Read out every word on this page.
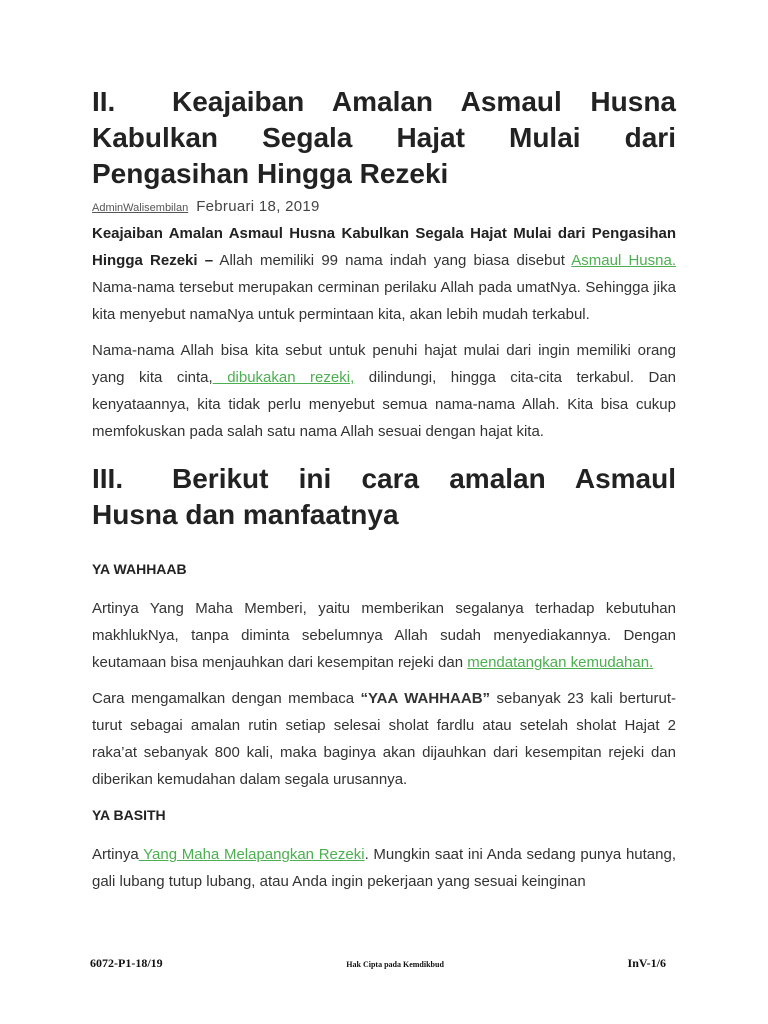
II. Keajaiban Amalan Asmaul Husna Kabulkan Segala Hajat Mulai dari Pengasihan Hingga Rezeki
AdminWalisembilan Februari 18, 2019

Keajaiban Amalan Asmaul Husna Kabulkan Segala Hajat Mulai dari Pengasihan Hingga Rezeki – Allah memiliki 99 nama indah yang biasa disebut Asmaul Husna. Nama-nama tersebut merupakan cerminan perilaku Allah pada umatNya. Sehingga jika kita menyebut namaNya untuk permintaan kita, akan lebih mudah terkabul.

Nama-nama Allah bisa kita sebut untuk penuhi hajat mulai dari ingin memiliki orang yang kita cinta, dibukakan rezeki, dilindungi, hingga cita-cita terkabul. Dan kenyataannya, kita tidak perlu menyebut semua nama-nama Allah. Kita bisa cukup memfokuskan pada salah satu nama Allah sesuai dengan hajat kita.

III. Berikut ini cara amalan Asmaul Husna dan manfaatnya
YA WAHHAAB

Artinya Yang Maha Memberi, yaitu memberikan segalanya terhadap kebutuhan makhlukNya, tanpa diminta sebelumnya Allah sudah menyediakannya. Dengan keutamaan bisa menjauhkan dari kesempitan rejeki dan mendatangkan kemudahan.

Cara mengamalkan dengan membaca “YAA WAHHAAB” sebanyak 23 kali berturut-turut sebagai amalan rutin setiap selesai sholat fardlu atau setelah sholat Hajat 2 raka’at sebanyak 800 kali, maka baginya akan dijauhkan dari kesempitan rejeki dan diberikan kemudahan dalam segala urusannya.

YA BASITH

Artinya Yang Maha Melapangkan Rezeki. Mungkin saat ini Anda sedang punya hutang, gali lubang tutup lubang, atau Anda ingin pekerjaan yang sesuai keinginan

6072-P1-18/19	Hak Cipta pada Kemdikbud	InV-1/6
